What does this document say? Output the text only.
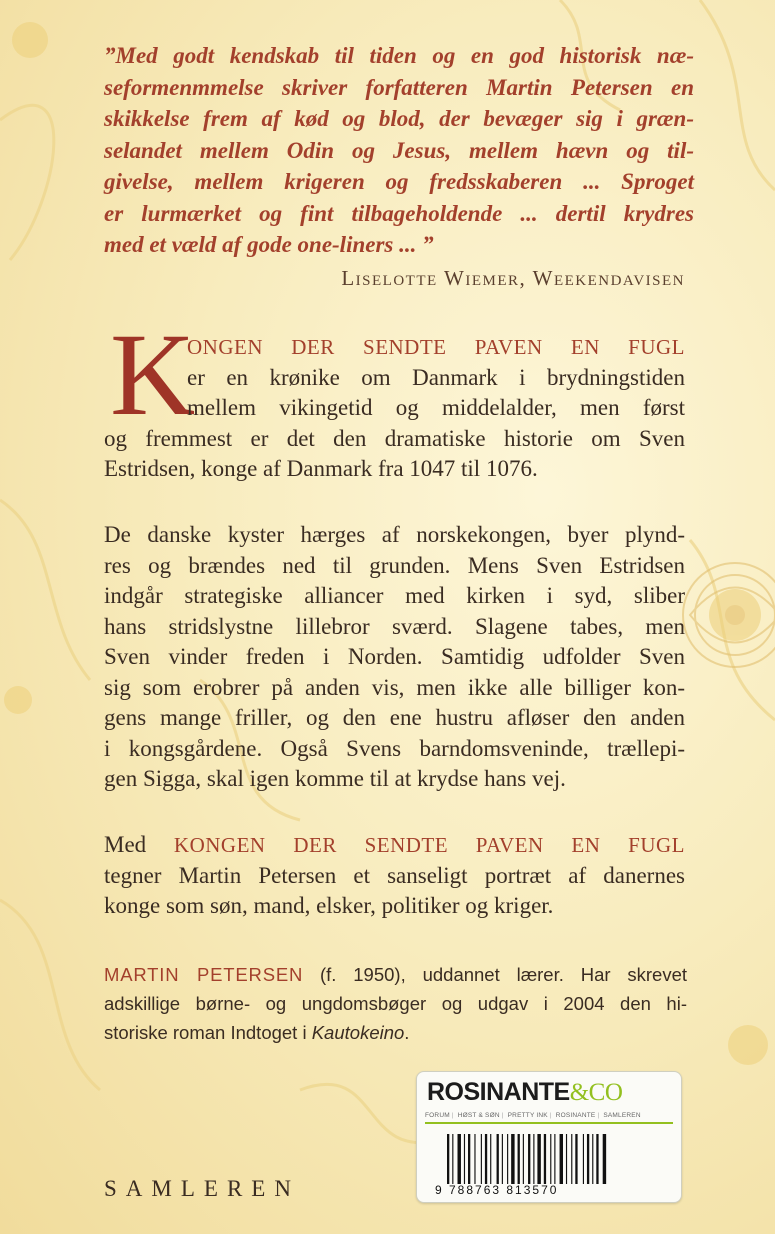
”Med godt kendskab til tiden og en god historisk næ-
seformenmmelse skriver forfatteren Martin Petersen en
skikkelse frem af kød og blod, der bevæger sig i græn-
selandet mellem Odin og Jesus, mellem hævn og til-
givelse, mellem krigeren og fredsskaberen ... Sproget
er lurmærket og fint tilbageholdende ... dertil krydres
med et væld af gode one-liners ... ”
Liselotte Wiemer, Weekendavisen
K
ONGEN DER SENDTE PAVEN EN FUGL
er en krønike om Danmark i brydningstiden
mellem vikingetid og middelalder, men først
og fremmest er det den dramatiske historie om Sven
Estridsen, konge af Danmark fra 1047 til 1076.
De danske kyster hærges af norskekongen, byer plynd-
res og brændes ned til grunden. Mens Sven Estridsen
indgår strategiske alliancer med kirken i syd, sliber
hans stridslystne lillebror sværd. Slagene tabes, men
Sven vinder freden i Norden. Samtidig udfolder Sven
sig som erobrer på anden vis, men ikke alle billiger kon-
gens mange friller, og den ene hustru afløser den anden
i kongsgårdene. Også Svens barndomsveninde, trællepi-
gen Sigga, skal igen komme til at krydse hans vej.
Med KONGEN DER SENDTE PAVEN EN FUGL
tegner Martin Petersen et sanseligt portræt af danernes
konge som søn, mand, elsker, politiker og kriger.
MARTIN PETERSEN (f. 1950), uddannet lærer. Har skrevet
adskillige børne- og ungdomsbøger og udgav i 2004 den hi-
storiske roman Indtoget i Kautokeino.
SAMLEREN
ROSINANTE&CO
FORUM | HØST & SØN | PRETTY INK | ROSINANTE | SAMLEREN
9 788763 813570
